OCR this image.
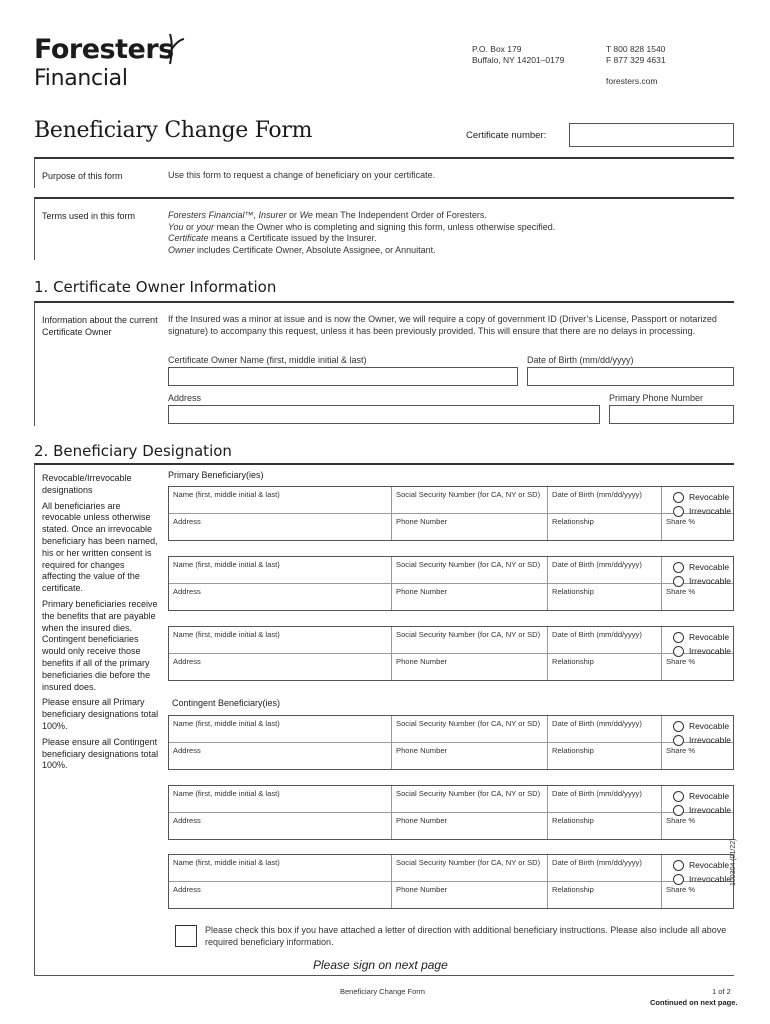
Foresters
Financial
P.O. Box 179
Buffalo, NY 14201–0179
T 800 828 1540
F 877 329 4631
foresters.com
Beneficiary Change Form	Certificate number:
Purpose of this form	Use this form to request a change of beneficiary on your certificate.
Terms used in this form	Foresters Financial™, Insurer or We mean The Independent Order of Foresters.
You or your mean the Owner who is completing and signing this form, unless otherwise specified.
Certificate means a Certificate issued by the Insurer.
Owner includes Certificate Owner, Absolute Assignee, or Annuitant.
1. Certificate Owner Information
Information about the current Certificate Owner
If the Insured was a minor at issue and is now the Owner, we will require a copy of government ID (Driver’s License, Passport or notarized signature) to accompany this request, unless it has been previously provided. This will ensure that there are no delays in processing.
Certificate Owner Name (first, middle initial & last)	Date of Birth (mm/dd/yyyy)
Address	Primary Phone Number
2. Beneficiary Designation

Revocable/Irrevocable designations

All beneficiaries are revocable unless otherwise stated. Once an irrevocable beneficiary has been named, his or her written consent is required for changes affecting the value of the certificate.

Primary beneficiaries receive the benefits that are payable when the insured dies. Contingent beneficiaries would only receive those benefits if all of the primary beneficiaries die before the insured does.

Please ensure all Primary beneficiary designations total 100%.

Please ensure all Contingent beneficiary designations total 100%.

Primary Beneficiary(ies)
Contingent Beneficiary(ies)
Name (first, middle initial & last)	Social Security Number (for CA, NY or SD)	Date of Birth (mm/dd/yyyy)	Revocable
Irrevocable
Address	Phone Number	Relationship	Share %
Name (first, middle initial & last)	Social Security Number (for CA, NY or SD)	Date of Birth (mm/dd/yyyy)	Revocable
Irrevocable
Address	Phone Number	Relationship	Share %
Name (first, middle initial & last)	Social Security Number (for CA, NY or SD)	Date of Birth (mm/dd/yyyy)	Revocable
Irrevocable
Address	Phone Number	Relationship	Share %
Name (first, middle initial & last)	Social Security Number (for CA, NY or SD)	Date of Birth (mm/dd/yyyy)	Revocable
Irrevocable
Address	Phone Number	Relationship	Share %
Name (first, middle initial & last)	Social Security Number (for CA, NY or SD)	Date of Birth (mm/dd/yyyy)	Revocable
Irrevocable
Address	Phone Number	Relationship	Share %
Name (first, middle initial & last)	Social Security Number (for CA, NY or SD)	Date of Birth (mm/dd/yyyy)	Revocable
Irrevocable
Address	Phone Number	Relationship	Share %
Please check this box if you have attached a letter of direction with additional beneficiary instructions. Please also include all above required beneficiary information.
Please sign on next page
100304 (01/22)
Beneficiary Change Form	1 of 2
Continued on next page.
